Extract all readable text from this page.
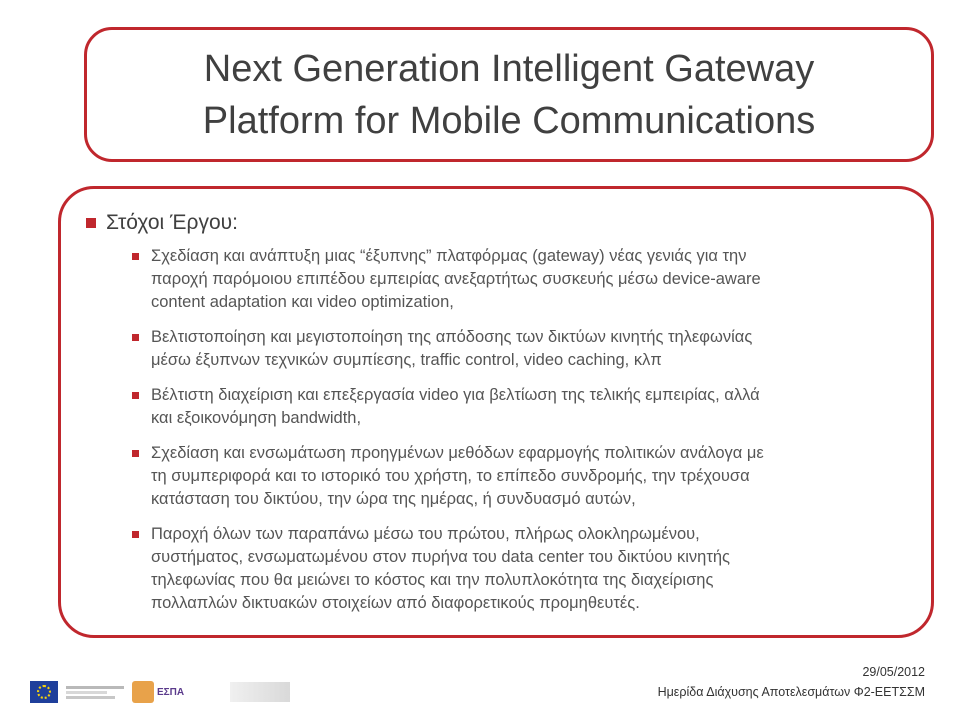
Next Generation Intelligent Gateway
Platform for Mobile Communications
Στόχοι Έργου:
Σχεδίαση και ανάπτυξη μιας “έξυπνης” πλατφόρμας (gateway) νέας γενιάς για την
παροχή παρόμοιου επιπέδου εμπειρίας ανεξαρτήτως συσκευής μέσω device-aware
content adaptation και video optimization,
Βελτιστοποίηση και μεγιστοποίηση της απόδοσης των δικτύων κινητής τηλεφωνίας
μέσω έξυπνων τεχνικών συμπίεσης, traffic control, video caching, κλπ
Βέλτιστη διαχείριση και επεξεργασία video για βελτίωση της τελικής εμπειρίας, αλλά
και εξοικονόμηση bandwidth,
Σχεδίαση και ενσωμάτωση προηγμένων μεθόδων εφαρμογής πολιτικών ανάλογα με
τη συμπεριφορά και το ιστορικό του χρήστη, το επίπεδο συνδρομής, την τρέχουσα
κατάσταση του δικτύου, την ώρα της ημέρας, ή συνδυασμό αυτών,
Παροχή όλων των παραπάνω μέσω του πρώτου, πλήρως ολοκληρωμένου,
συστήματος, ενσωματωμένου στον πυρήνα του data center του δικτύου κινητής
τηλεφωνίας που θα μειώνει το κόστος και την πολυπλοκότητα της διαχείρισης
πολλαπλών δικτυακών στοιχείων από διαφορετικούς προμηθευτές.
ΕΣΠΑ
29/05/2012
Ημερίδα Διάχυσης Αποτελεσμάτων Φ2-ΕΕΤΣΣΜ
